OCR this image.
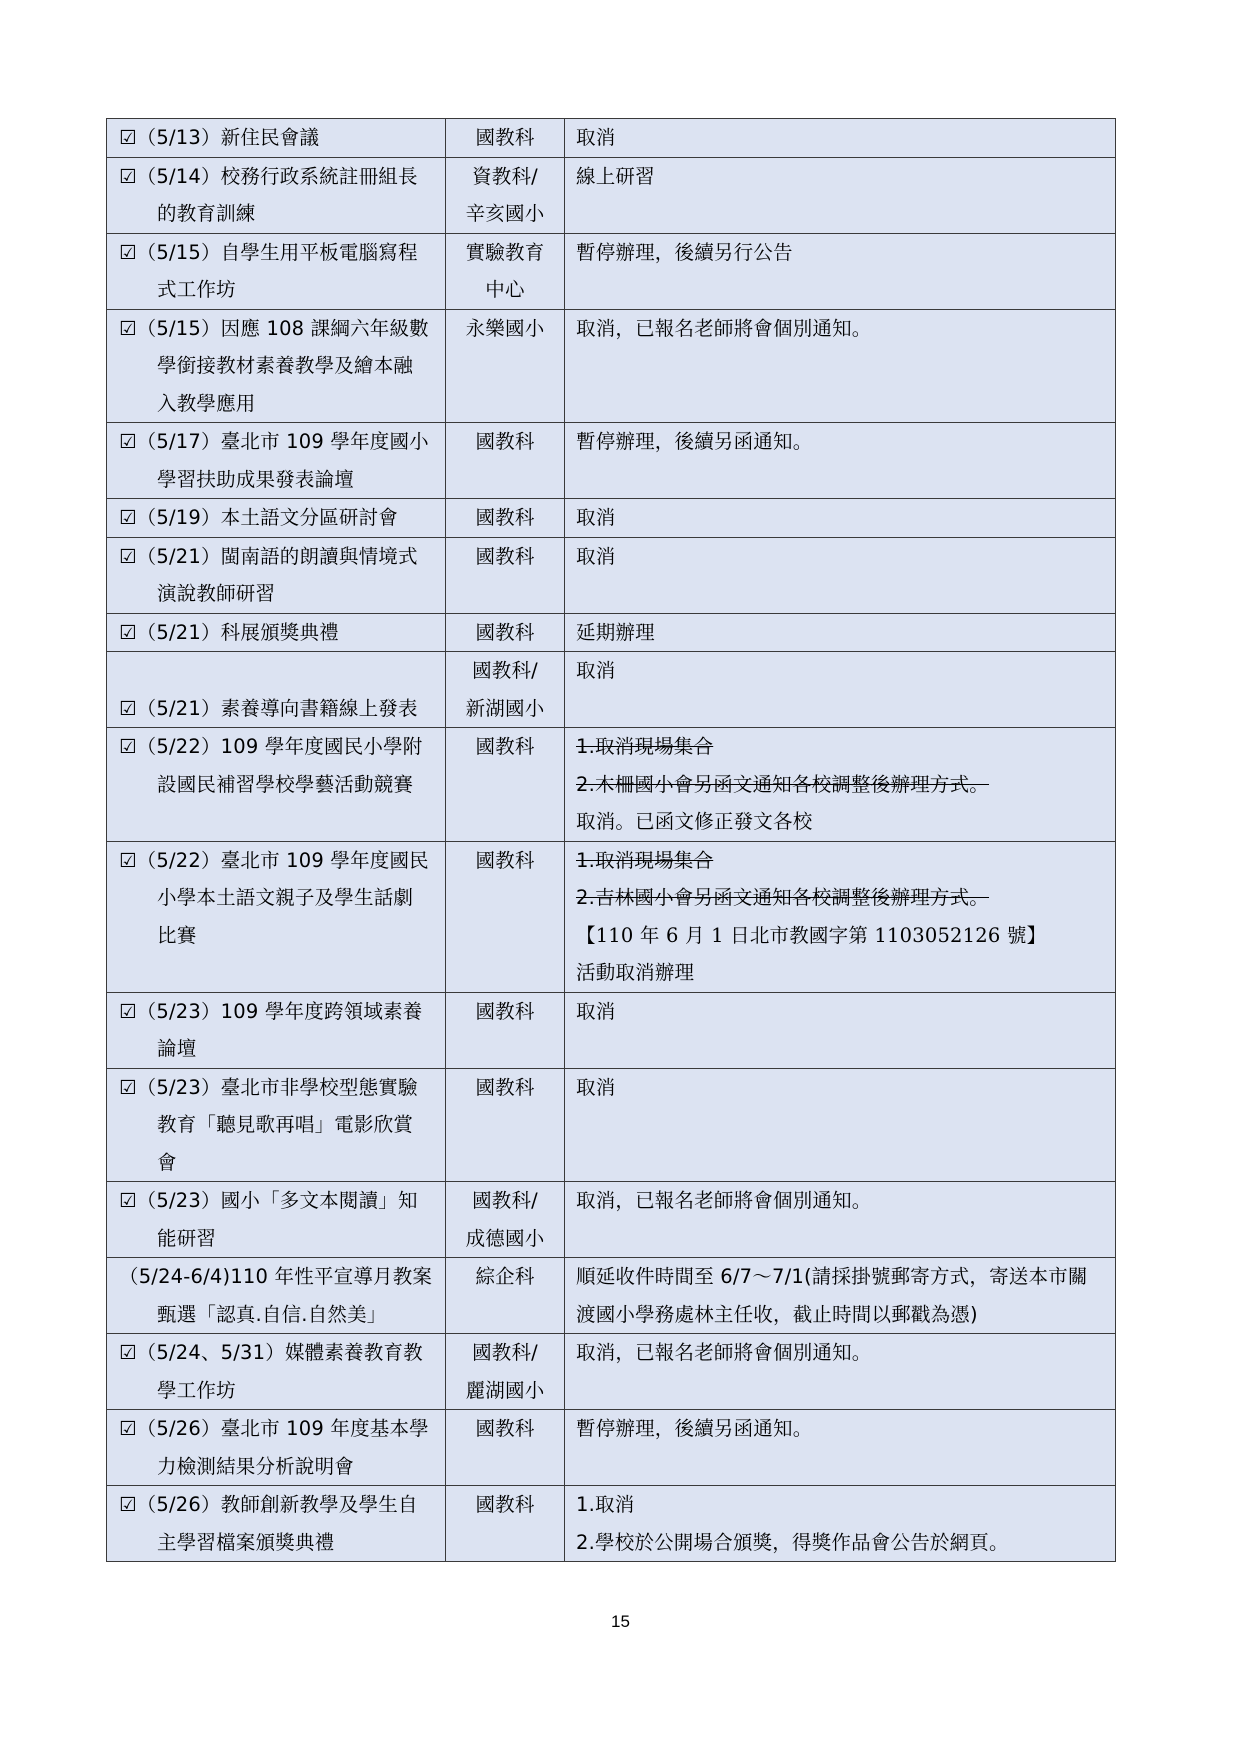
☑（5/13）新住民會議	國教科	取消

☑（5/14）校務行政系統註冊組長
的教育訓練	資教科/
辛亥國小	線上研習

☑（5/15）自學生用平板電腦寫程
式工作坊	實驗教育
中心	暫停辦理，後續另行公告

☑（5/15）因應 108 課綱六年級數
學銜接教材素養教學及繪本融
入教學應用	永樂國小	取消，已報名老師將會個別通知。

☑（5/17）臺北市 109 學年度國小
學習扶助成果發表論壇	國教科	暫停辦理，後續另函通知。

☑（5/19）本土語文分區研討會	國教科	取消

☑（5/21）閩南語的朗讀與情境式
演說教師研習	國教科	取消

☑（5/21）科展頒獎典禮	國教科	延期辦理

☑（5/21）素養導向書籍線上發表	國教科/
新湖國小	取消

☑（5/22）109 學年度國民小學附
設國民補習學校學藝活動競賽	國教科	1.取消現場集合
2.木柵國小會另函文通知各校調整後辦理方式。
取消。已函文修正發文各校

☑（5/22）臺北市 109 學年度國民
小學本土語文親子及學生話劇
比賽	國教科	1.取消現場集合
2.吉林國小會另函文通知各校調整後辦理方式。
【110 年 6 月 1 日北市教國字第 1103052126 號】
活動取消辦理

☑（5/23）109 學年度跨領域素養
論壇	國教科	取消

☑（5/23）臺北市非學校型態實驗
教育「聽見歌再唱」電影欣賞
會	國教科	取消

☑（5/23）國小「多文本閱讀」知
能研習	國教科/
成德國小	取消，已報名老師將會個別通知。

（5/24-6/4)110 年性平宣導月教案
甄選「認真.自信.自然美」	綜企科	順延收件時間至 6/7～7/1(請採掛號郵寄方式，寄送本市關
渡國小學務處林主任收，截止時間以郵戳為憑)

☑（5/24、5/31）媒體素養教育教
學工作坊	國教科/
麗湖國小	取消，已報名老師將會個別通知。

☑（5/26）臺北市 109 年度基本學
力檢測結果分析說明會	國教科	暫停辦理，後續另函通知。

☑（5/26）教師創新教學及學生自
主學習檔案頒獎典禮	國教科	1.取消
2.學校於公開場合頒獎，得獎作品會公告於網頁。
15
